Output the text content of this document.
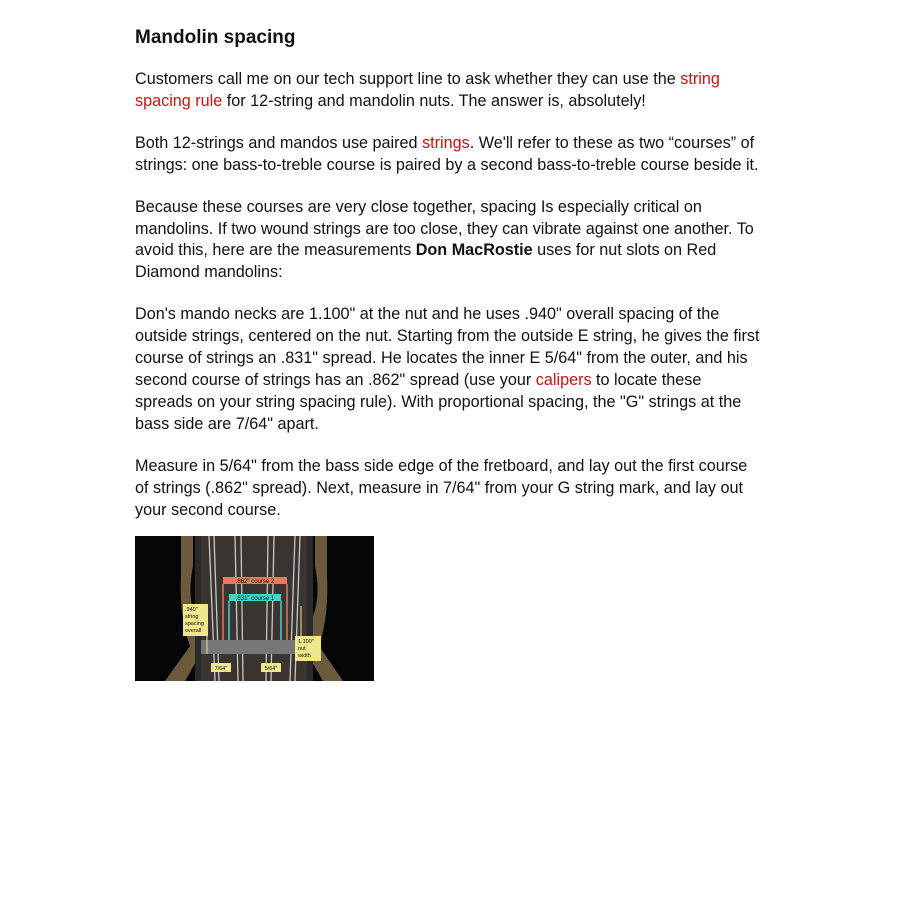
Mandolin spacing

Customers call me on our tech support line to ask whether they can use the string spacing rule for 12-string and mandolin nuts. The answer is, absolutely!

Both 12-strings and mandos use paired strings. We'll refer to these as two “courses” of strings: one bass-to-treble course is paired by a second bass-to-treble course beside it.

Because these courses are very close together, spacing Is especially critical on mandolins. If two wound strings are too close, they can vibrate against one another. To avoid this, here are the measurements Don MacRostie uses for nut slots on Red Diamond mandolins:

Don's mando necks are 1.100" at the nut and he uses .940" overall spacing of the outside strings, centered on the nut. Starting from the outside E string, he gives the first course of strings an .831" spread. He locates the inner E 5/64" from the outer, and his second course of strings has an .862" spread (use your calipers to locate these spreads on your string spacing rule). With proportional spacing, the "G" strings at the bass side are 7/64" apart.

Measure in 5/64" from the bass side edge of the fretboard, and lay out the first course of strings (.862" spread). Next, measure in 7/64" from your G string mark, and lay out your second course.

.862" course 2
.831" course 1
.940" string spacing overall
1.100" nut width
7/64"	5/64"
